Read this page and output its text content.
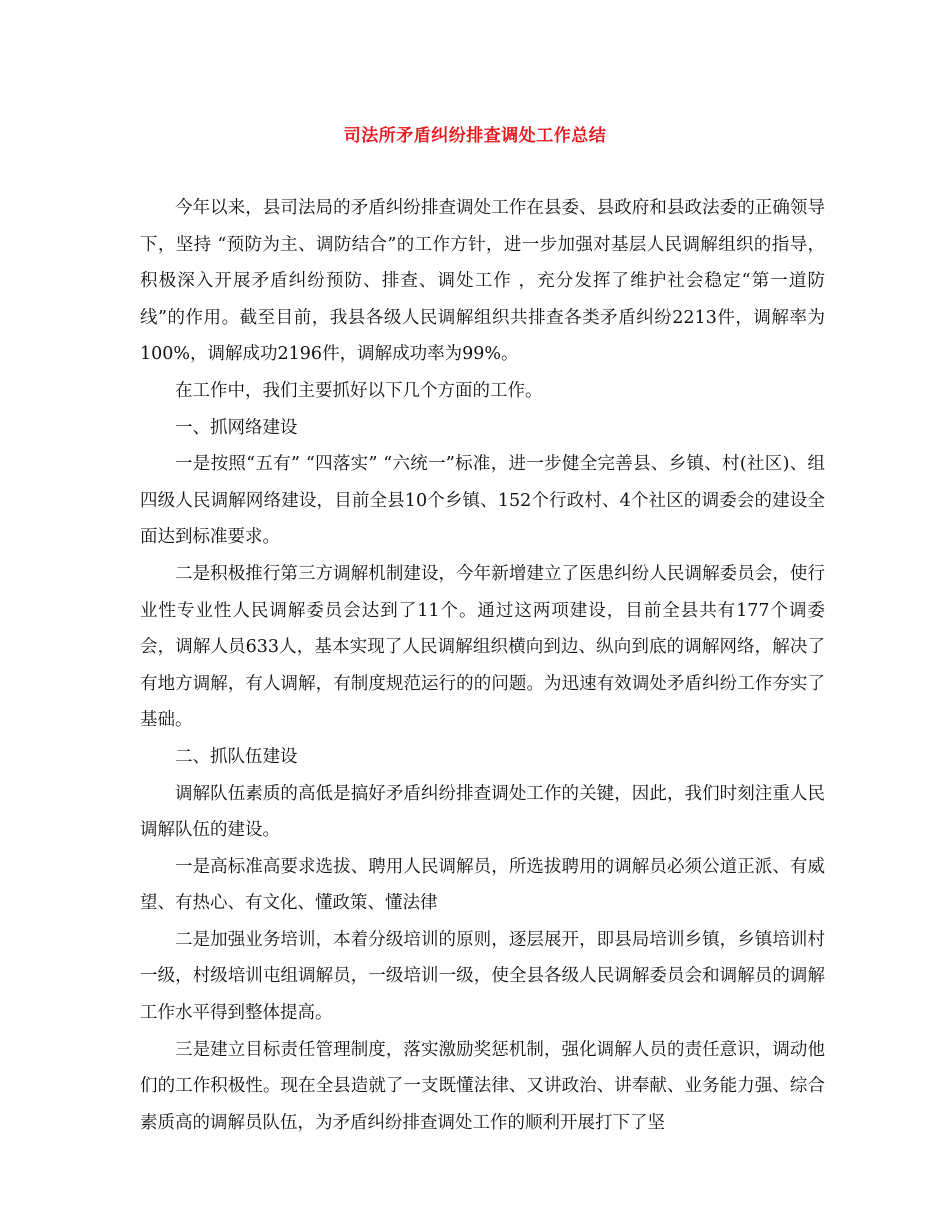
司法所矛盾纠纷排查调处工作总结

今年以来，县司法局的矛盾纠纷排查调处工作在县委、县政府和县政法委的正确领导下，坚持 “预防为主、调防结合”的工作方针，进一步加强对基层人民调解组织的指导，积极深入开展矛盾纠纷预防、排查、调处工作 ，充分发挥了维护社会稳定“第一道防线”的作用。截至目前，我县各级人民调解组织共排查各类矛盾纠纷2213件，调解率为100%，调解成功2196件，调解成功率为99%。

在工作中，我们主要抓好以下几个方面的工作。

一、抓网络建设

一是按照“五有” “四落实” “六统一”标准，进一步健全完善县、乡镇、村(社区)、组四级人民调解网络建设，目前全县10个乡镇、152个行政村、4个社区的调委会的建设全面达到标准要求。

二是积极推行第三方调解机制建设，今年新增建立了医患纠纷人民调解委员会，使行业性专业性人民调解委员会达到了11个。通过这两项建设，目前全县共有177个调委会，调解人员633人，基本实现了人民调解组织横向到边、纵向到底的调解网络，解决了有地方调解，有人调解，有制度规范运行的的问题。为迅速有效调处矛盾纠纷工作夯实了基础。

二、抓队伍建设

调解队伍素质的高低是搞好矛盾纠纷排查调处工作的关键，因此，我们时刻注重人民调解队伍的建设。

一是高标准高要求选拔、聘用人民调解员，所选拔聘用的调解员必须公道正派、有威望、有热心、有文化、懂政策、懂法律

二是加强业务培训，本着分级培训的原则，逐层展开，即县局培训乡镇，乡镇培训村一级，村级培训屯组调解员，一级培训一级，使全县各级人民调解委员会和调解员的调解工作水平得到整体提高。

三是建立目标责任管理制度，落实激励奖惩机制，强化调解人员的责任意识，调动他们的工作积极性。现在全县造就了一支既懂法律、又讲政治、讲奉献、业务能力强、综合素质高的调解员队伍，为矛盾纠纷排查调处工作的顺利开展打下了坚
